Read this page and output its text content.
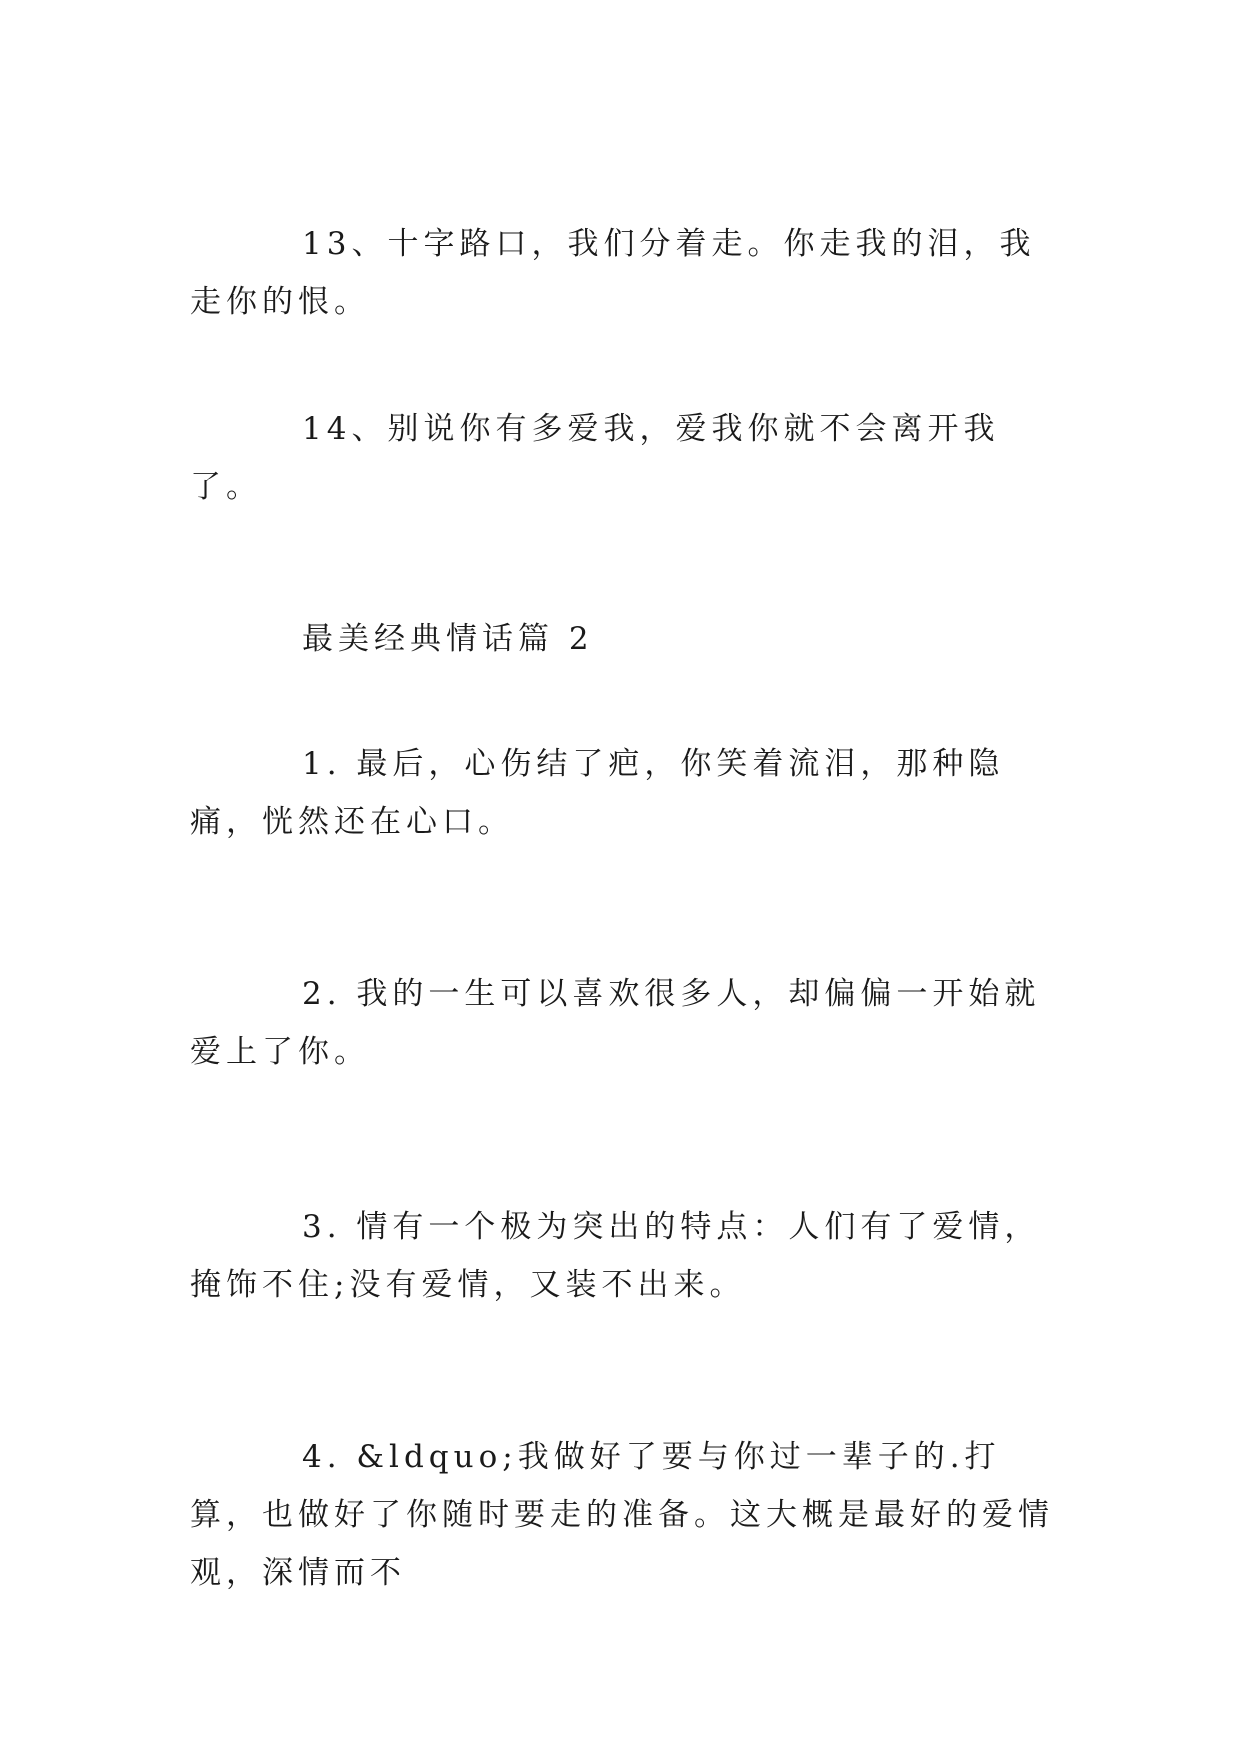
13、十字路口，我们分着走。你走我的泪，我走你的恨。

14、别说你有多爱我，爱我你就不会离开我了。

最美经典情话篇 2

1. 最后，心伤结了疤，你笑着流泪，那种隐痛，恍然还在心口。

2. 我的一生可以喜欢很多人，却偏偏一开始就爱上了你。

3. 情有一个极为突出的特点：人们有了爱情，掩饰不住;没有爱情，又装不出来。

4. &ldquo;我做好了要与你过一辈子的.打算，也做好了你随时要走的准备。这大概是最好的爱情观，深情而不
